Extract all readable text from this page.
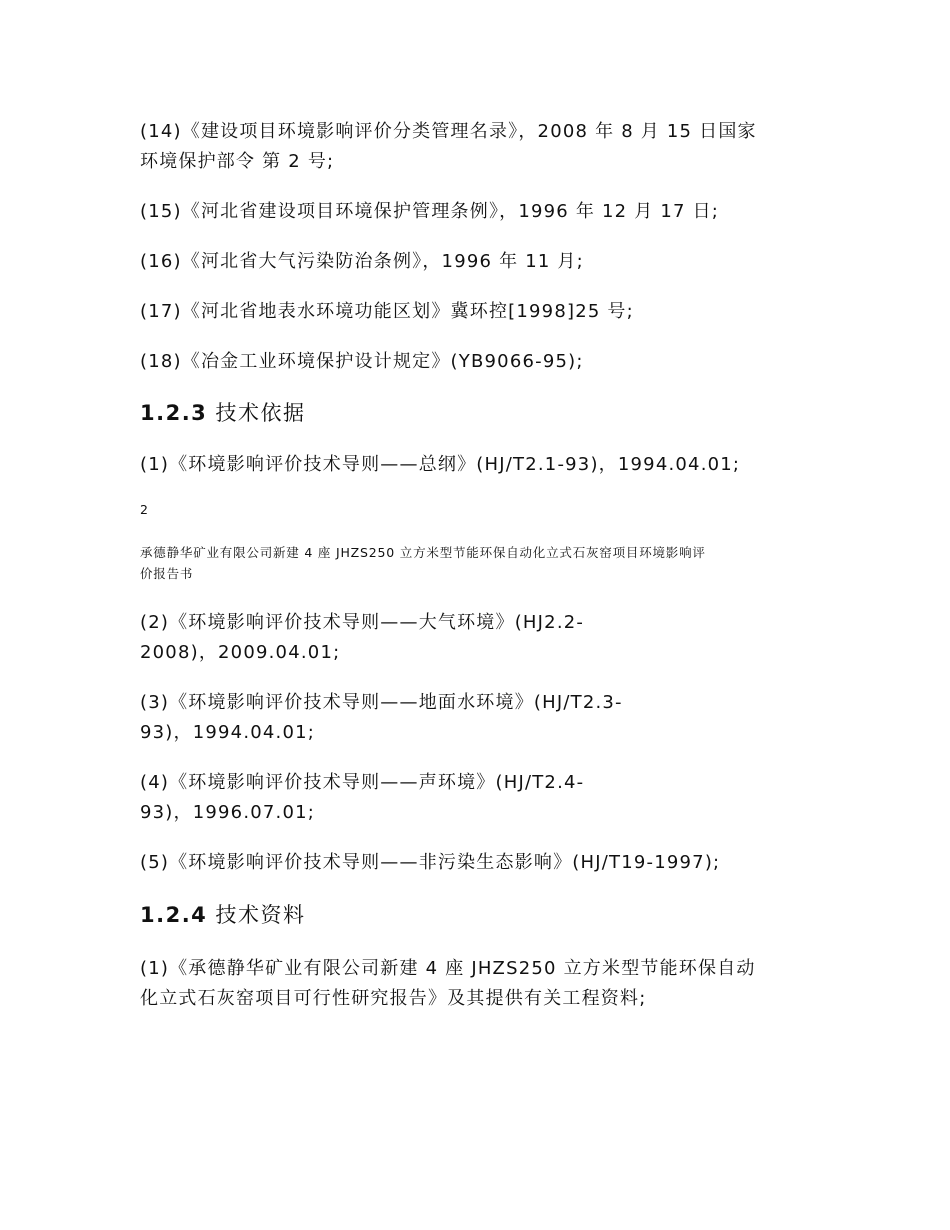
(14)《建设项目环境影响评价分类管理名录》，2008 年 8 月 15 日国家
环境保护部令 第 2 号;
(15)《河北省建设项目环境保护管理条例》，1996 年 12 月 17 日;
(16)《河北省大气污染防治条例》，1996 年 11 月;
(17)《河北省地表水环境功能区划》冀环控[1998]25 号;
(18)《冶金工业环境保护设计规定》(YB9066-95);
1.2.3 技术依据
(1)《环境影响评价技术导则——总纲》(HJ/T2.1-93)，1994.04.01;
2
承德静华矿业有限公司新建 4 座 JHZS250 立方米型节能环保自动化立式石灰窑项目环境影响评
价报告书
(2)《环境影响评价技术导则——大气环境》(HJ2.2-
2008)，2009.04.01;
(3)《环境影响评价技术导则——地面水环境》(HJ/T2.3-
93)，1994.04.01;
(4)《环境影响评价技术导则——声环境》(HJ/T2.4-
93)，1996.07.01;
(5)《环境影响评价技术导则——非污染生态影响》(HJ/T19-1997);
1.2.4 技术资料
(1)《承德静华矿业有限公司新建 4 座 JHZS250 立方米型节能环保自动
化立式石灰窑项目可行性研究报告》及其提供有关工程资料;
